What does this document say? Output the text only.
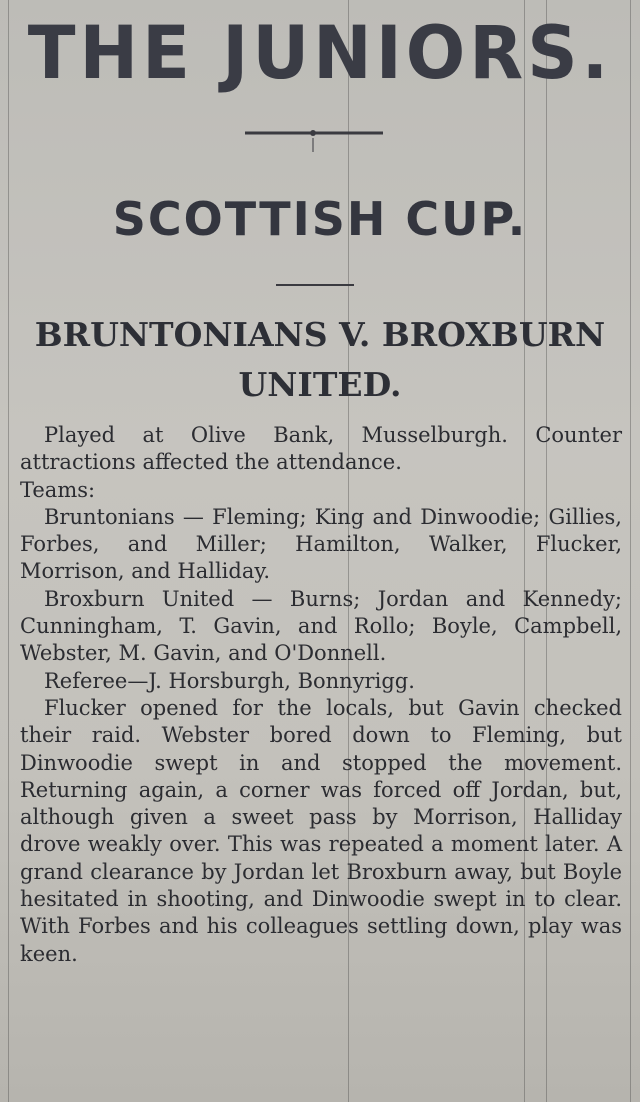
THE JUNIORS.
SCOTTISH CUP.
BRUNTONIANS V. BROXBURN
UNITED.

Played at Olive Bank, Musselburgh. Counter attractions affected the attendance.

Teams:

Bruntonians — Fleming; King and Dinwoodie; Gillies, Forbes, and Miller; Hamilton, Walker, Flucker, Morrison, and Halliday.

Broxburn United — Burns; Jordan and Kennedy; Cunningham, T. Gavin, and Rollo; Boyle, Campbell, Webster, M. Gavin, and O'Donnell.

Referee—J. Horsburgh, Bonnyrigg.

Flucker opened for the locals, but Gavin checked their raid. Webster bored down to Fleming, but Dinwoodie swept in and stopped the movement. Returning again, a corner was forced off Jordan, but, although given a sweet pass by Morrison, Halliday drove weakly over. This was repeated a moment later. A grand clearance by Jordan let Broxburn away, but Boyle hesitated in shooting, and Dinwoodie swept in to clear. With Forbes and his colleagues settling down, play was keen.
